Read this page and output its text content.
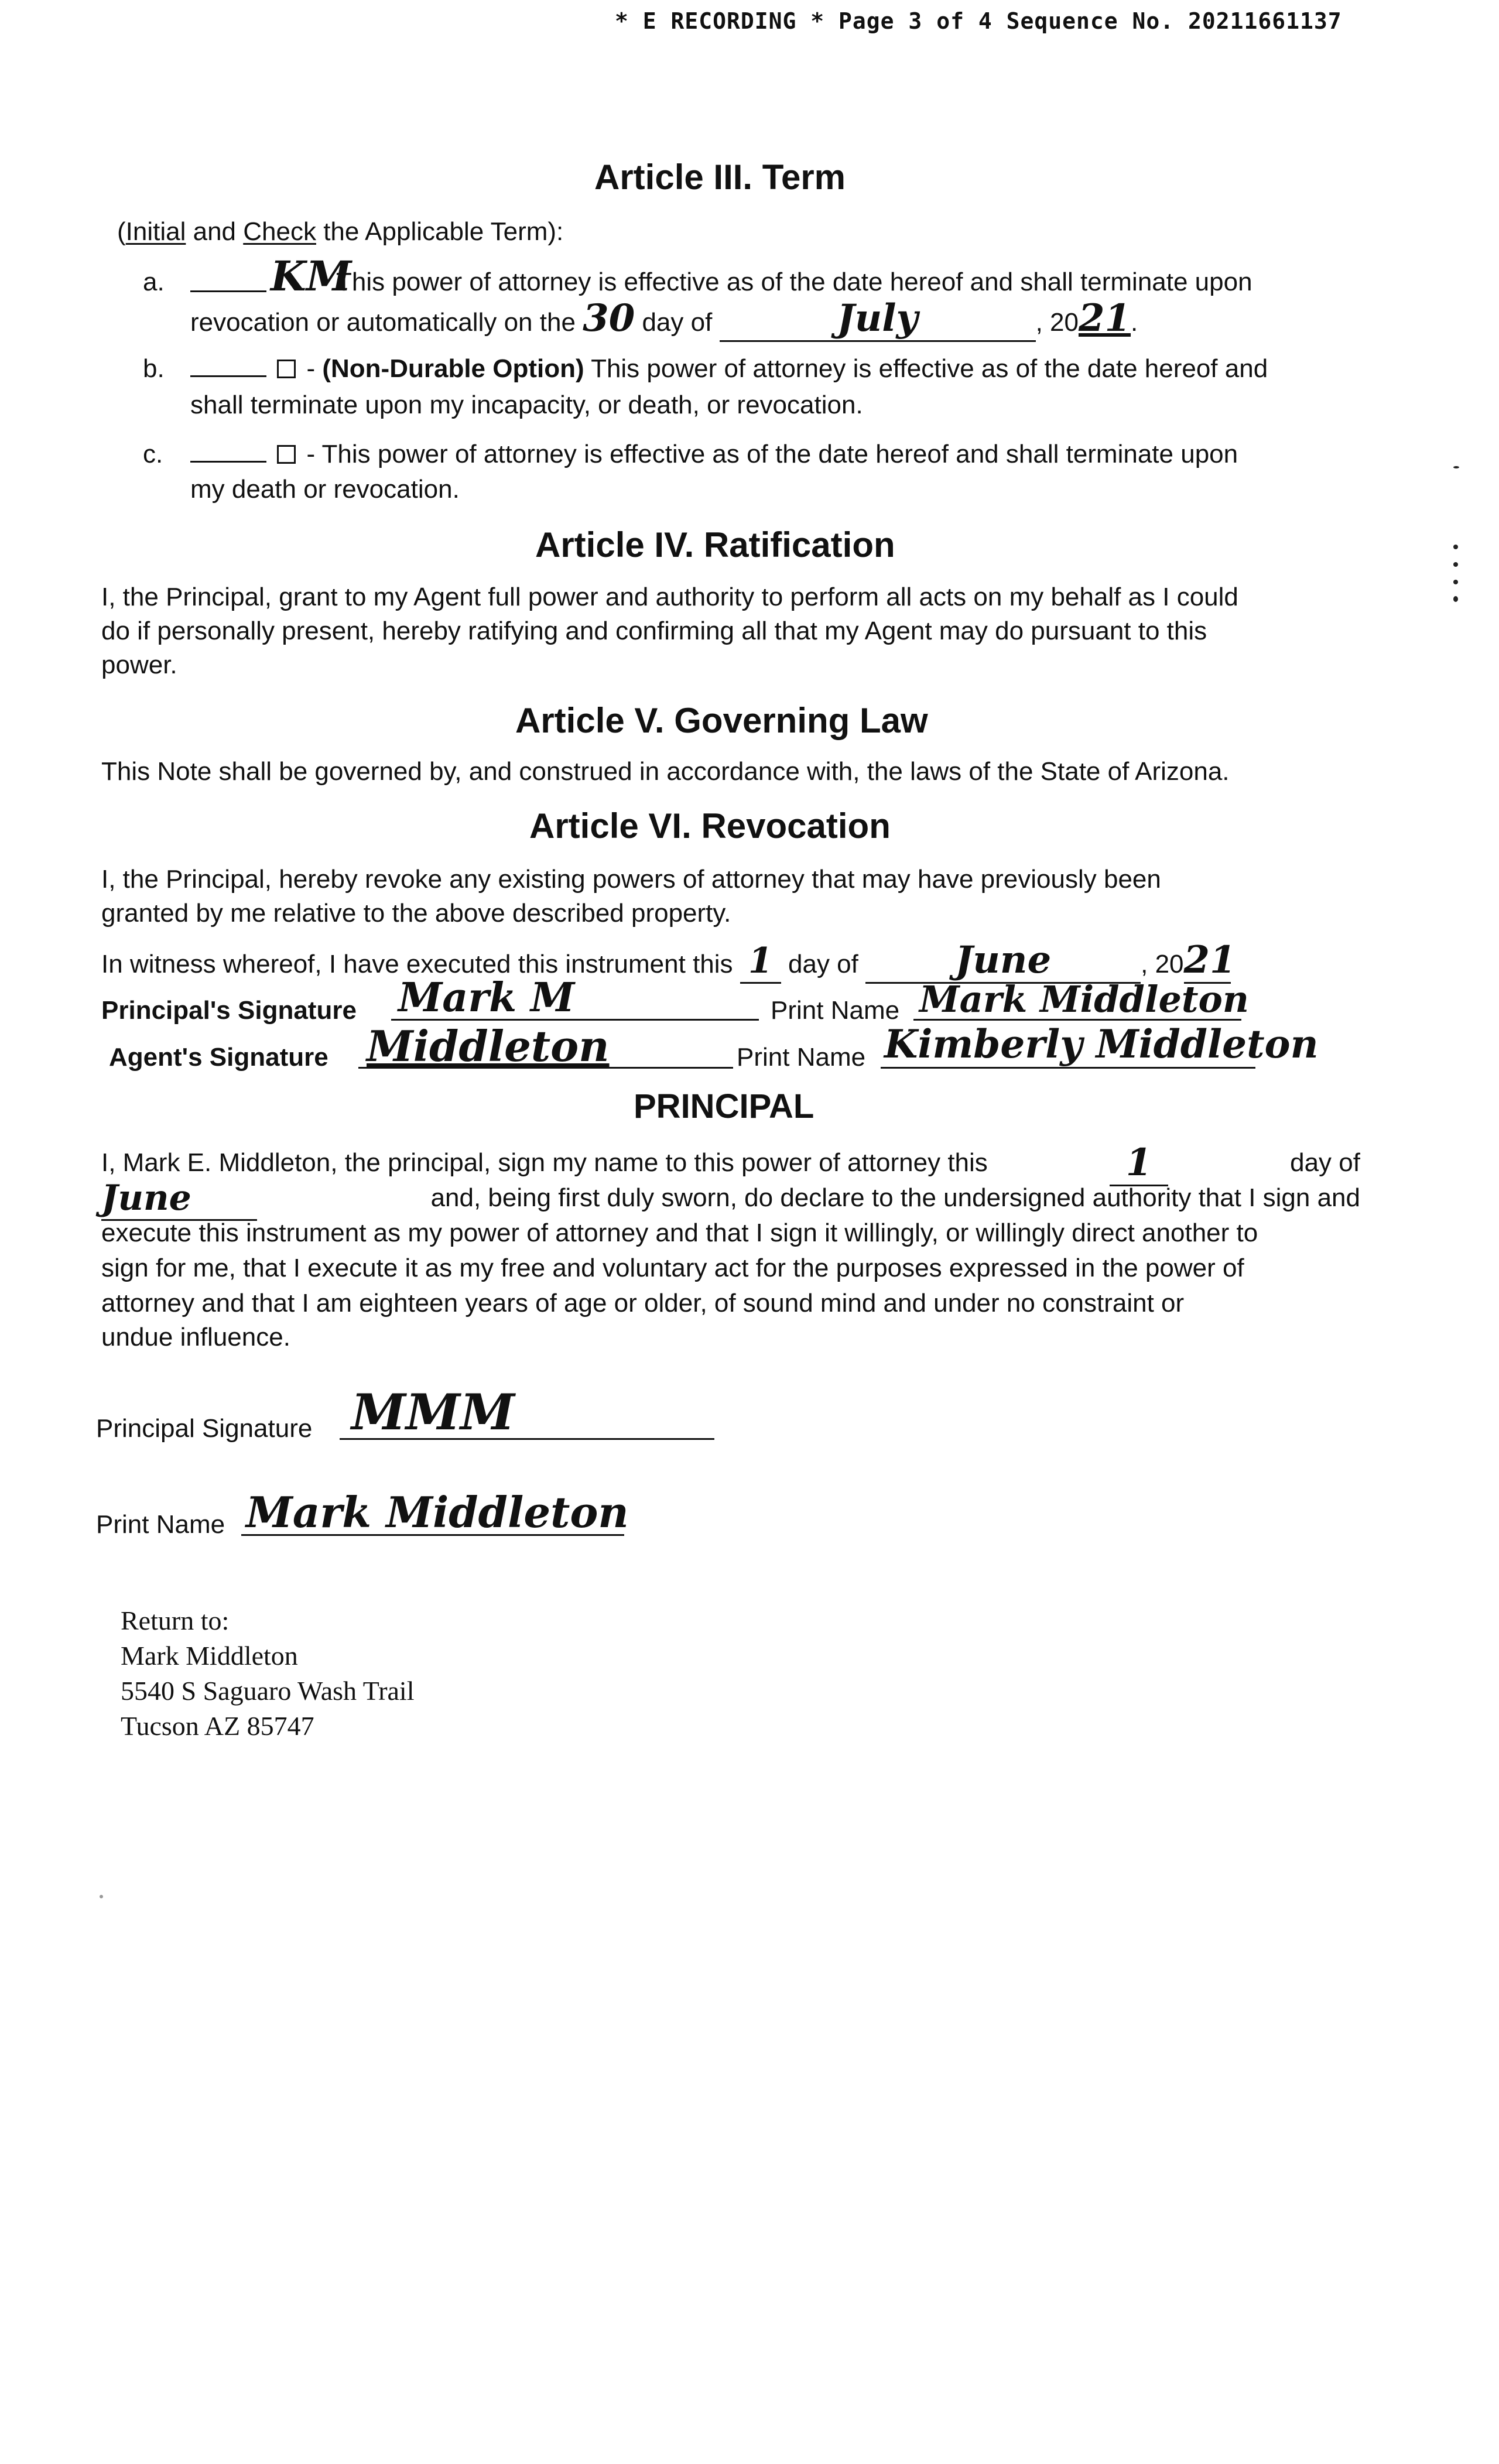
* E RECORDING * Page 3 of 4 Sequence No. 20211661137
Article III. Term
(Initial and Check the Applicable Term):
a.	KM
This power of attorney is effective as of the date hereof and shall terminate upon
revocation or automatically on the 30 day of	July	, 2021.
b.	- (Non-Durable Option) This power of attorney is effective as of the date hereof and
shall terminate upon my incapacity, or death, or revocation.
c.	- This power of attorney is effective as of the date hereof and shall terminate upon
my death or revocation.
Article IV. Ratification
I, the Principal, grant to my Agent full power and authority to perform all acts on my behalf as I could
do if personally present, hereby ratifying and confirming all that my Agent may do pursuant to this
power.
Article V. Governing Law
This Note shall be governed by, and construed in accordance with, the laws of the State of Arizona.
Article VI. Revocation
I, the Principal, hereby revoke any existing powers of attorney that may have previously been
granted by me relative to the above described property.
In witness whereof, I have executed this instrument this 1 day of	June	, 2021
Principal's Signature Mark M	Print Name Mark Middleton
Agent's Signature Middleton	Print Name Kimberly Middleton
PRINCIPAL
I, Mark E. Middleton, the principal, sign my name to this power of attorney this	1	day of
June	and, being first duly sworn, do declare to the undersigned authority that I sign and
execute this instrument as my power of attorney and that I sign it willingly, or willingly direct another to
sign for me, that I execute it as my free and voluntary act for the purposes expressed in the power of
attorney and that I am eighteen years of age or older, of sound mind and under no constraint or
undue influence.
Principal Signature MMM
Print Name Mark Middleton
Return to:
Mark Middleton
5540 S Saguaro Wash Trail
Tucson AZ 85747
